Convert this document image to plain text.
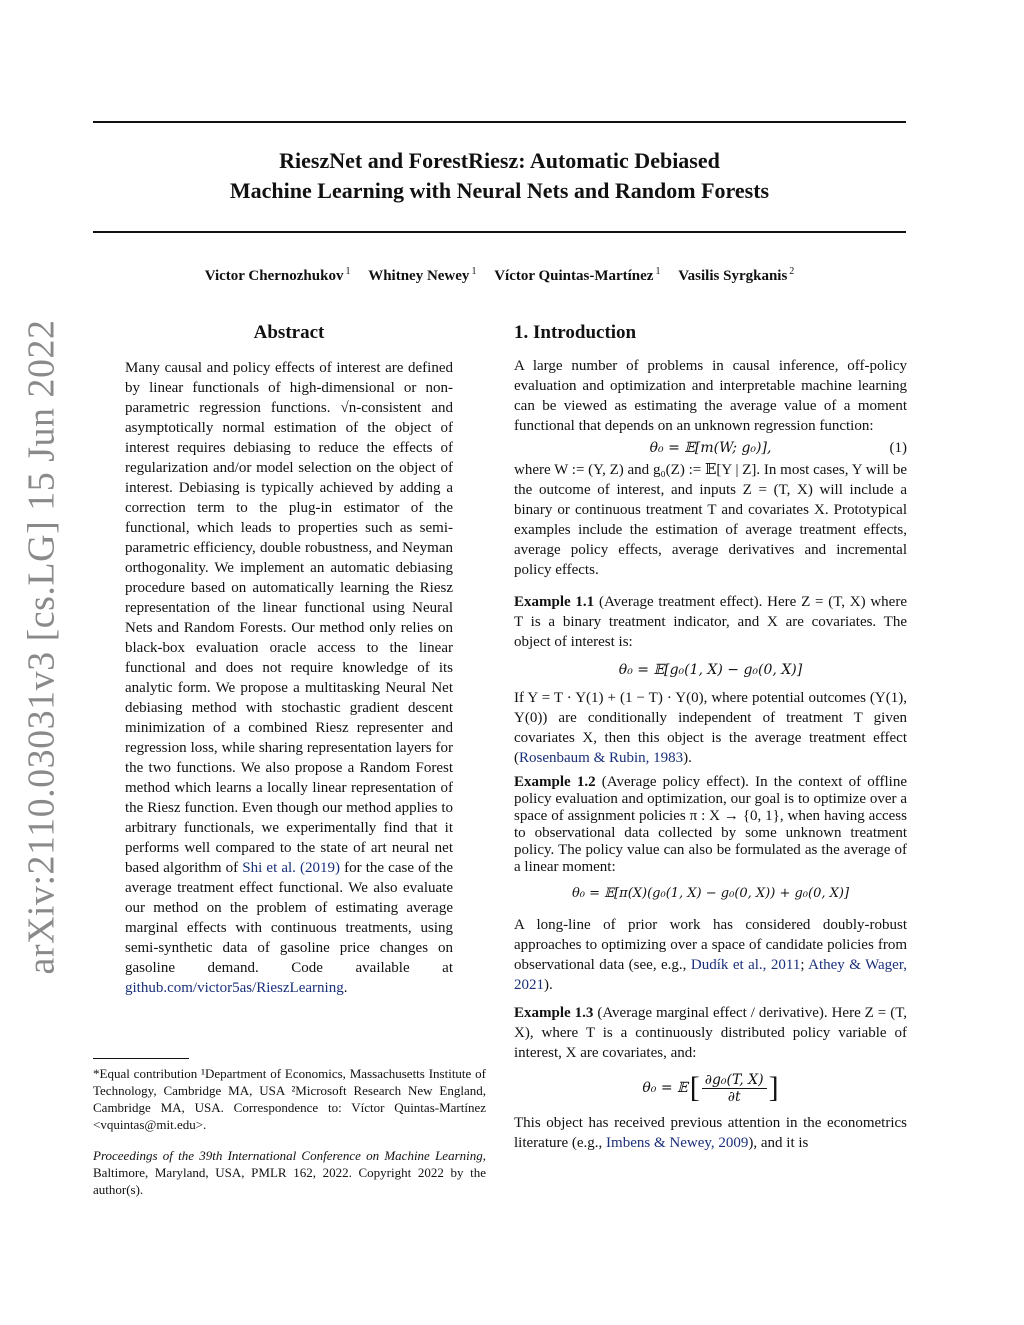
arXiv:2110.03031v3 [cs.LG] 15 Jun 2022
RieszNet and ForestRiesz: Automatic Debiased
Machine Learning with Neural Nets and Random Forests
Victor Chernozhukov $^1$ Whitney Newey $^1$ Víctor Quintas-Martínez $^1$ Vasilis Syrgkanis $^2$
Abstract

Many causal and policy effects of interest are defined by linear functionals of high-dimensional or non-parametric regression functions. √n-consistent and asymptotically normal estimation of the object of interest requires debiasing to reduce the effects of regularization and/or model selection on the object of interest. Debiasing is typically achieved by adding a correction term to the plug-in estimator of the functional, which leads to properties such as semi-parametric efficiency, double robustness, and Neyman orthogonality. We implement an automatic debiasing procedure based on automatically learning the Riesz representation of the linear functional using Neural Nets and Random Forests. Our method only relies on black-box evaluation oracle access to the linear functional and does not require knowledge of its analytic form. We propose a multitasking Neural Net debiasing method with stochastic gradient descent minimization of a combined Riesz representer and regression loss, while sharing representation layers for the two functions. We also propose a Random Forest method which learns a locally linear representation of the Riesz function. Even though our method applies to arbitrary functionals, we experimentally find that it performs well compared to the state of art neural net based algorithm of Shi et al. (2019) for the case of the average treatment effect functional. We also evaluate our method on the problem of estimating average marginal effects with continuous treatments, using semi-synthetic data of gasoline price changes on gasoline demand. Code available at github.com/victor5as/RieszLearning.

*Equal contribution ¹Department of Economics, Massachusetts Institute of Technology, Cambridge MA, USA ²Microsoft Research New England, Cambridge MA, USA. Correspondence to: Víctor Quintas-Martínez <vquintas@mit.edu>.

Proceedings of the 39th International Conference on Machine Learning, Baltimore, Maryland, USA, PMLR 162, 2022. Copyright 2022 by the author(s).

1. Introduction

A large number of problems in causal inference, off-policy evaluation and optimization and interpretable machine learning can be viewed as estimating the average value of a moment functional that depends on an unknown regression function:

θ₀ = 𝔼[m(W; g₀)],	(1)

where W := (Y, Z) and g₀(Z) := 𝔼[Y | Z]. In most cases, Y will be the outcome of interest, and inputs Z = (T, X) will include a binary or continuous treatment T and covariates X. Prototypical examples include the estimation of average treatment effects, average policy effects, average derivatives and incremental policy effects.

Example 1.1 (Average treatment effect). Here Z = (T, X) where T is a binary treatment indicator, and X are covariates. The object of interest is:

θ₀ = 𝔼[g₀(1, X) − g₀(0, X)]

If Y = T · Y(1) + (1 − T) · Y(0), where potential outcomes (Y(1), Y(0)) are conditionally independent of treatment T given covariates X, then this object is the average treatment effect (Rosenbaum & Rubin, 1983).

Example 1.2 (Average policy effect). In the context of offline policy evaluation and optimization, our goal is to optimize over a space of assignment policies π : X → {0, 1}, when having access to observational data collected by some unknown treatment policy. The policy value can also be formulated as the average of a linear moment:

θ₀ = 𝔼[π(X)(g₀(1, X) − g₀(0, X)) + g₀(0, X)]

A long-line of prior work has considered doubly-robust approaches to optimizing over a space of candidate policies from observational data (see, e.g., Dudík et al., 2011; Athey & Wager, 2021).

Example 1.3 (Average marginal effect / derivative). Here Z = (T, X), where T is a continuously distributed policy variable of interest, X are covariates, and:

θ₀ = 𝔼 [ $\frac{\text{∂g₀(T, X)}}{\partial t}$ ]

This object has received previous attention in the econometrics literature (e.g., Imbens & Newey, 2009), and it is
